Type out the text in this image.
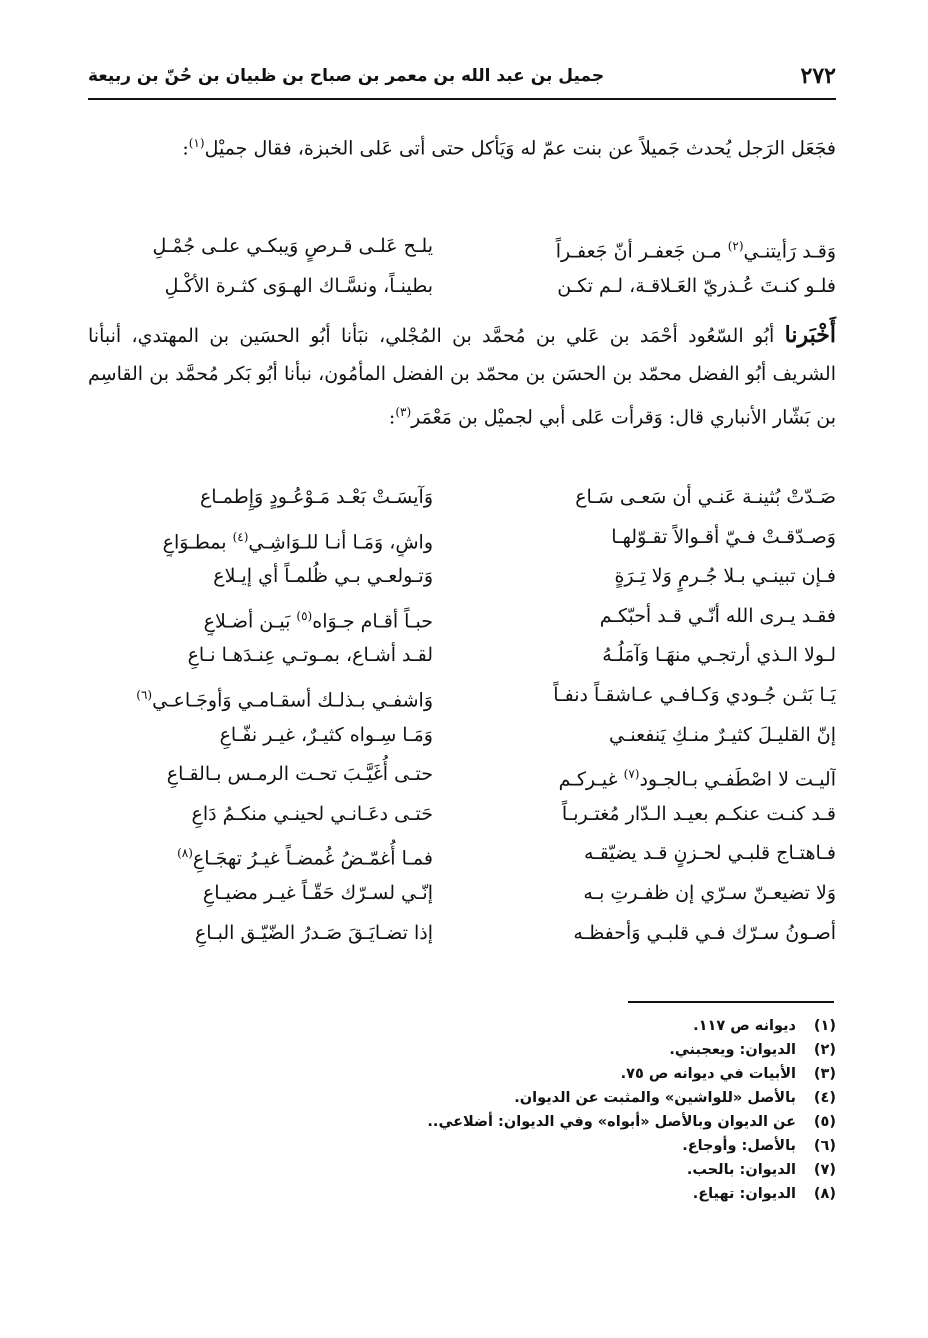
٢٧٢
جميل بن عبد الله بن معمر بن صباح بن ظبيان بن حُنّ بن ربيعة
فجَعَل الرَجل يُحدث جَميلاً عن بنت عمّ له وَيَأكل حتى أتى عَلى الخبزة، فقال جميْل$^{(١)}$:
وَقـد رَأيتنـي$^{(٢)}$ مـن جَعفـر أنّ جَعفـراً
يلـح عَلـى قـرصٍ وَيبكـي علـى جُمْـلِ
فلـو كنـتَ عُـذريّ العَـلاقـة، لـم تكـن
بطينـاً، ونسَّـاك الهـوَى كثـرة الأكْـلِ
أَخْبَرنا أبُو السّعُود أحْمَد بن عَلي بن مُحمَّد بن المُجْلي، نبَأنا أبُو الحسَين بن المهتدي، أنبأنا الشريف أبُو الفضل محمّد بن الحسَن بن محمّد بن الفضل المأمُون، نبأنا أبُو بَكر مُحمَّد بن القاسِم بن بَشّار الأنباري قال: وَقرأت عَلى أبي لجميْل بن مَعْمَر$^{(٣)}$:
صَـدّتْ بُثينـة عَنـي أن سَعـى سَـاع
وَآيسَـتْ بَعْـد مَـوْعُـودٍ وَإِطمـاع
وَصـدّقـتْ فـيّ أقـوالاً تقـوّلهـا
واشٍ، وَمَـا أنـا للـوَاشِـي$^{(٤)}$ بمطـوَاعٍ
فـإن تبينـي بـلا جُـرمٍ وَلا تِـرَةٍ
وَتـولعـي بـي ظُلمـاً أي إيـلاع
فقـد يـرى الله أنّـي قـد أحبّكـم
حبـاً أقـام جـوَاه$^{(٥)}$ بَيـن أضـلاعٍ
لـولا الـذي أرتجـي منهَـا وَآمَلُـهُ
لقـد أشـاع، بمـوتـي عِنـدَهـا نـاعِ
يَـا بَثـن جُـودي وَكـافـي عـاشقـاً دنفـاً
وَاشفـي بـذلـك أسقـامـي وَأوجَـاعـي$^{(٦)}$
إنّ القليـلَ كثيـرٌ منـكِ يَنفعنـي
وَمَـا سِـواه كثيـرٌ، غيـر نفّـاعِ
آليـت لا اصْطَفـي بـالجـود$^{(٧)}$ غيـركـم
حتـى أُغَيَّـبَ تحـت الرمـس بـالقـاعِ
قـد كنـت عنكـم بعيـد الـدّار مُغتـربـاً
حَتـى دعَـانـي لحينـي منكـمُ دَاعِ
فـاهتـاج قلبـي لحـزنٍ قـد يضيّقـه
فمـا أُغمّـضُ غُمضـاً غيـرُ تهجَـاعِ$^{(٨)}$
وَلا تضيعـنّ سـرّي إن ظفـرتِ بـه
إنّـي لسـرّك حَقّـاً غيـر مضيـاعِ
أصـونُ سـرّك فـي قلبـي وَأحفظـه
إذا تضـايَـقَ صَـدرُ الضّيّـق البـاعِ
(١)
ديوانه ص ١١٧.
(٢)
الديوان: ويعجبني.
(٣)
الأبيات في ديوانه ص ٧٥.
(٤)
بالأصل «للواشين» والمثبت عن الديوان.
(٥)
عن الديوان وبالأصل «أبواه» وفي الديوان: أضلاعي..
(٦)
بالأصل: وأوجاع.
(٧)
الديوان: بالحب.
(٨)
الديوان: تهياع.
